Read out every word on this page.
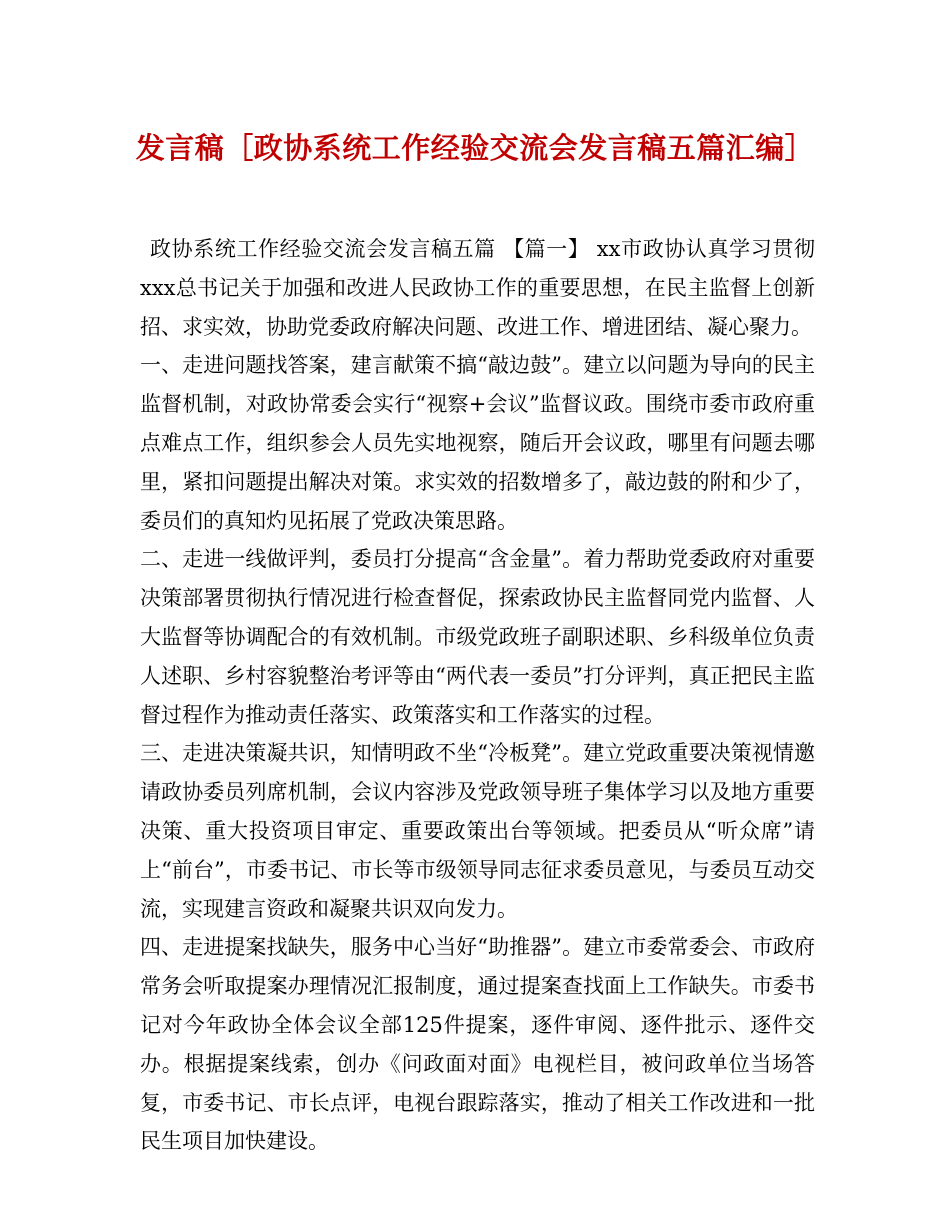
发言稿［政协系统工作经验交流会发言稿五篇汇编］

政协系统工作经验交流会发言稿五篇 【篇一】 xx市政协认真学习贯彻xxx总书记关于加强和改进人民政协工作的重要思想，在民主监督上创新招、求实效，协助党委政府解决问题、改进工作、增进团结、凝心聚力。

一、走进问题找答案，建言献策不搞“敲边鼓”。建立以问题为导向的民主监督机制，对政协常委会实行“视察+会议”监督议政。围绕市委市政府重点难点工作，组织参会人员先实地视察，随后开会议政，哪里有问题去哪里，紧扣问题提出解决对策。求实效的招数增多了，敲边鼓的附和少了，委员们的真知灼见拓展了党政决策思路。

二、走进一线做评判，委员打分提高“含金量”。着力帮助党委政府对重要决策部署贯彻执行情况进行检查督促，探索政协民主监督同党内监督、人大监督等协调配合的有效机制。市级党政班子副职述职、乡科级单位负责人述职、乡村容貌整治考评等由“两代表一委员”打分评判，真正把民主监督过程作为推动责任落实、政策落实和工作落实的过程。

三、走进决策凝共识，知情明政不坐“冷板凳”。建立党政重要决策视情邀请政协委员列席机制，会议内容涉及党政领导班子集体学习以及地方重要决策、重大投资项目审定、重要政策出台等领域。把委员从“听众席”请上“前台”，市委书记、市长等市级领导同志征求委员意见，与委员互动交流，实现建言资政和凝聚共识双向发力。

四、走进提案找缺失，服务中心当好“助推器”。建立市委常委会、市政府常务会听取提案办理情况汇报制度，通过提案查找面上工作缺失。市委书记对今年政协全体会议全部125件提案，逐件审阅、逐件批示、逐件交办。根据提案线索，创办《问政面对面》电视栏目，被问政单位当场答复，市委书记、市长点评，电视台跟踪落实，推动了相关工作改进和一批民生项目加快建设。
